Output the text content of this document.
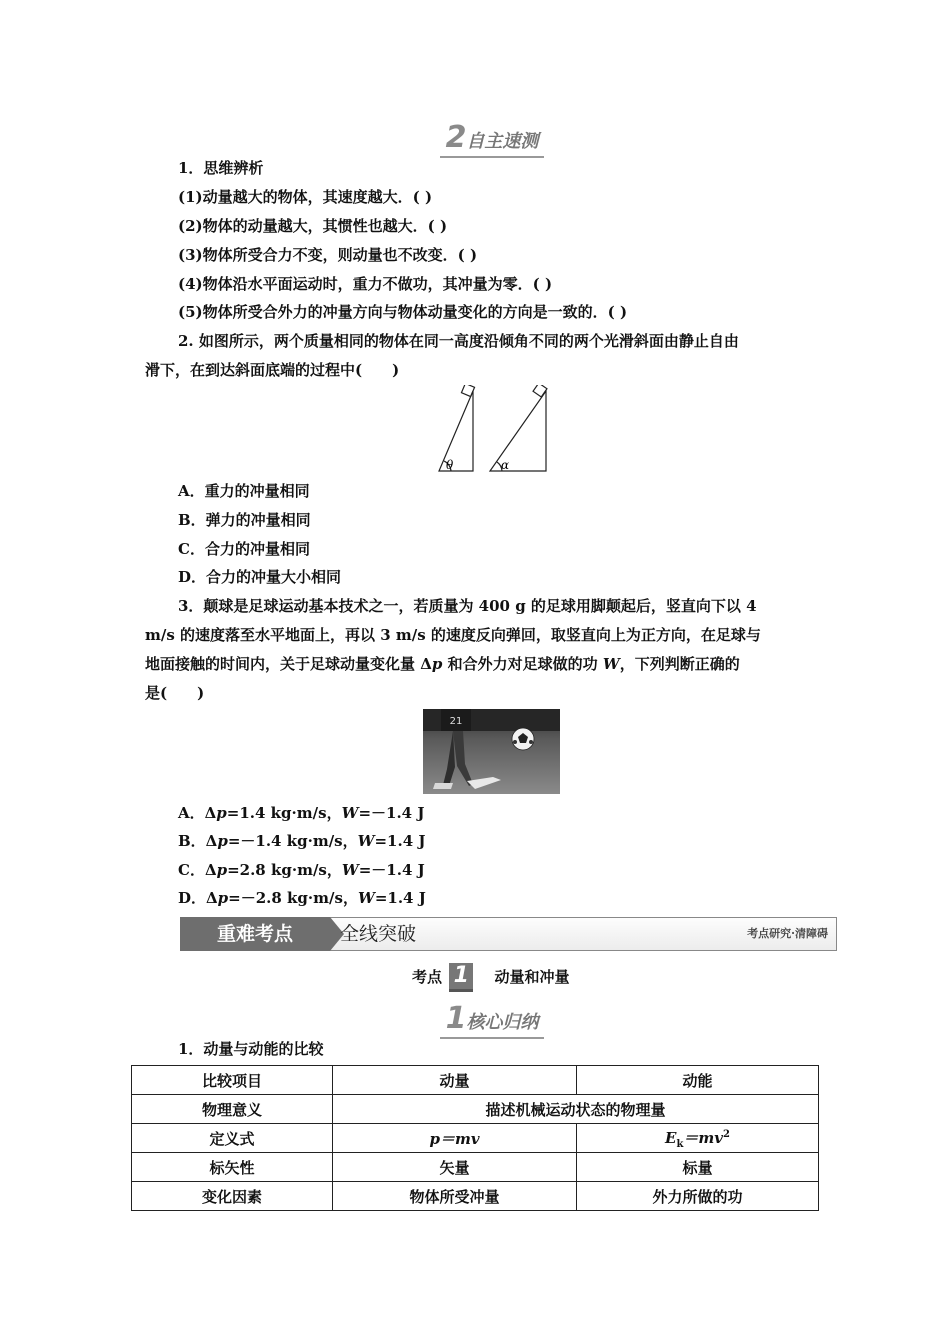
2自主速测
1．思维辨析
(1)动量越大的物体，其速度越大．( )
(2)物体的动量越大，其惯性也越大．( )
(3)物体所受合力不变，则动量也不改变．( )
(4)物体沿水平面运动时，重力不做功，其冲量为零．( )
(5)物体所受合外力的冲量方向与物体动量变化的方向是一致的．( )
2. 如图所示，两个质量相同的物体在同一高度沿倾角不同的两个光滑斜面由静止自由
滑下，在到达斜面底端的过程中(　　)
θ	α
A．重力的冲量相同
B．弹力的冲量相同
C．合力的冲量相同
D．合力的冲量大小相同
3．颠球是足球运动基本技术之一，若质量为 400 g 的足球用脚颠起后，竖直向下以 4
m/s 的速度落至水平地面上，再以 3 m/s 的速度反向弹回，取竖直向上为正方向，在足球与
地面接触的时间内，关于足球动量变化量 Δp 和合外力对足球做的功 W，下列判断正确的
是(　　)
21
A．Δp=1.4 kg·m/s，W=－1.4 J
B．Δp=－1.4 kg·m/s，W=1.4 J
C．Δp=2.8 kg·m/s，W=－1.4 J
D．Δp=－2.8 kg·m/s，W=1.4 J
重难考点	全线突破	考点研究·清障碍
考点 1 动量和冲量
1核心归纳
1．动量与动能的比较
比较项目	动量	动能
物理意义	描述机械运动状态的物理量	
定义式	p＝mv	$E_k=mv^2$
标矢性	矢量	标量
变化因素	物体所受冲量	外力所做的功
